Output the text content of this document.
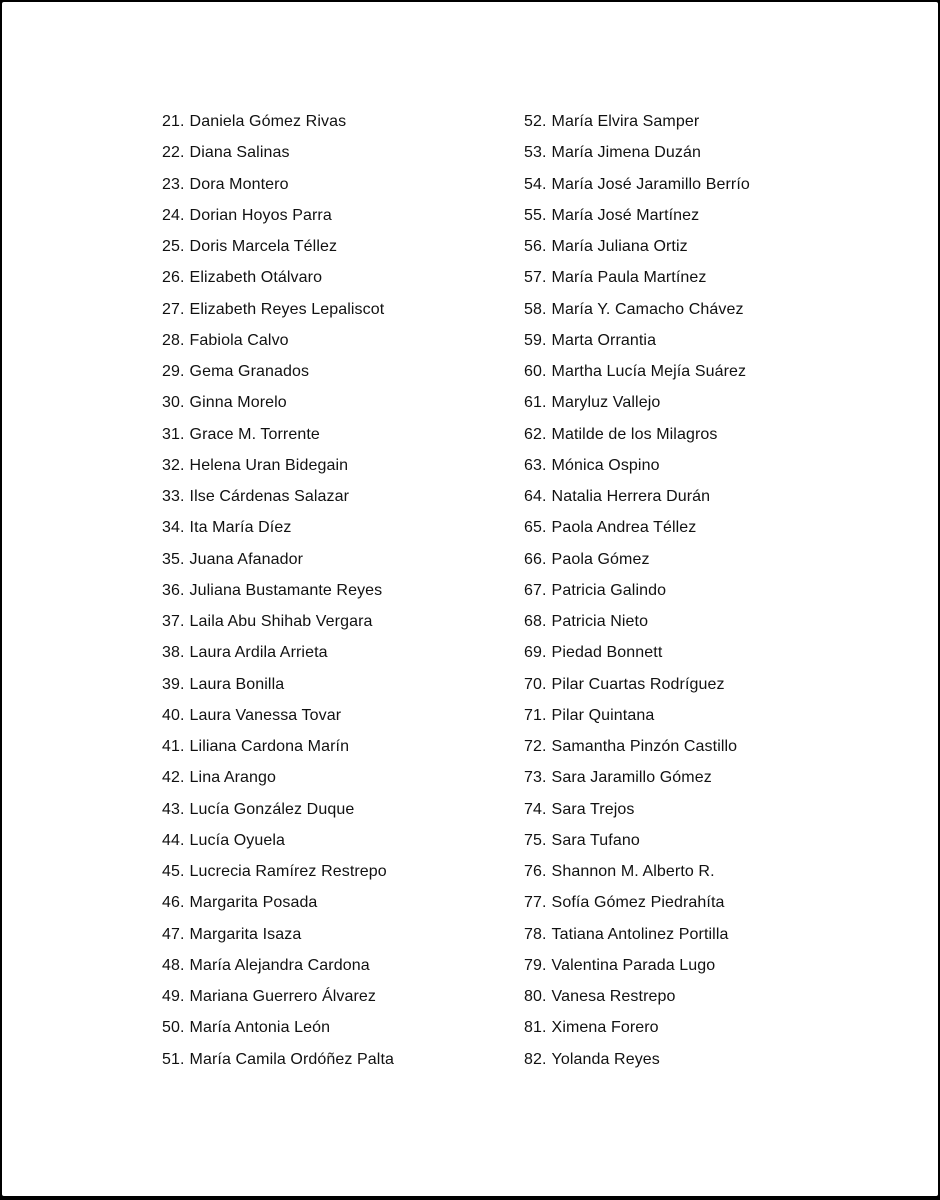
21. Daniela Gómez Rivas
22. Diana Salinas
23. Dora Montero
24. Dorian Hoyos Parra
25. Doris Marcela Téllez
26. Elizabeth Otálvaro
27. Elizabeth Reyes Lepaliscot
28. Fabiola Calvo
29. Gema Granados
30. Ginna Morelo
31. Grace M. Torrente
32. Helena Uran Bidegain
33. Ilse Cárdenas Salazar
34. Ita María Díez
35. Juana Afanador
36. Juliana Bustamante Reyes
37. Laila Abu Shihab Vergara
38. Laura Ardila Arrieta
39. Laura Bonilla
40. Laura Vanessa Tovar
41. Liliana Cardona Marín
42. Lina Arango
43. Lucía González Duque
44. Lucía Oyuela
45. Lucrecia Ramírez Restrepo
46. Margarita Posada
47. Margarita Isaza
48. María Alejandra Cardona
49. Mariana Guerrero Álvarez
50. María Antonia León
51. María Camila Ordóñez Palta
52. María Elvira Samper
53. María Jimena Duzán
54. María José Jaramillo Berrío
55. María José Martínez
56. María Juliana Ortiz
57. María Paula Martínez
58. María Y. Camacho Chávez
59. Marta Orrantia
60. Martha Lucía Mejía Suárez
61. Maryluz Vallejo
62. Matilde de los Milagros
63. Mónica Ospino
64. Natalia Herrera Durán
65. Paola Andrea Téllez
66. Paola Gómez
67. Patricia Galindo
68. Patricia Nieto
69. Piedad Bonnett
70. Pilar Cuartas Rodríguez
71. Pilar Quintana
72. Samantha Pinzón Castillo
73. Sara Jaramillo Gómez
74. Sara Trejos
75. Sara Tufano
76. Shannon M. Alberto R.
77. Sofía Gómez Piedrahíta
78. Tatiana Antolinez Portilla
79. Valentina Parada Lugo
80. Vanesa Restrepo
81. Ximena Forero
82. Yolanda Reyes
